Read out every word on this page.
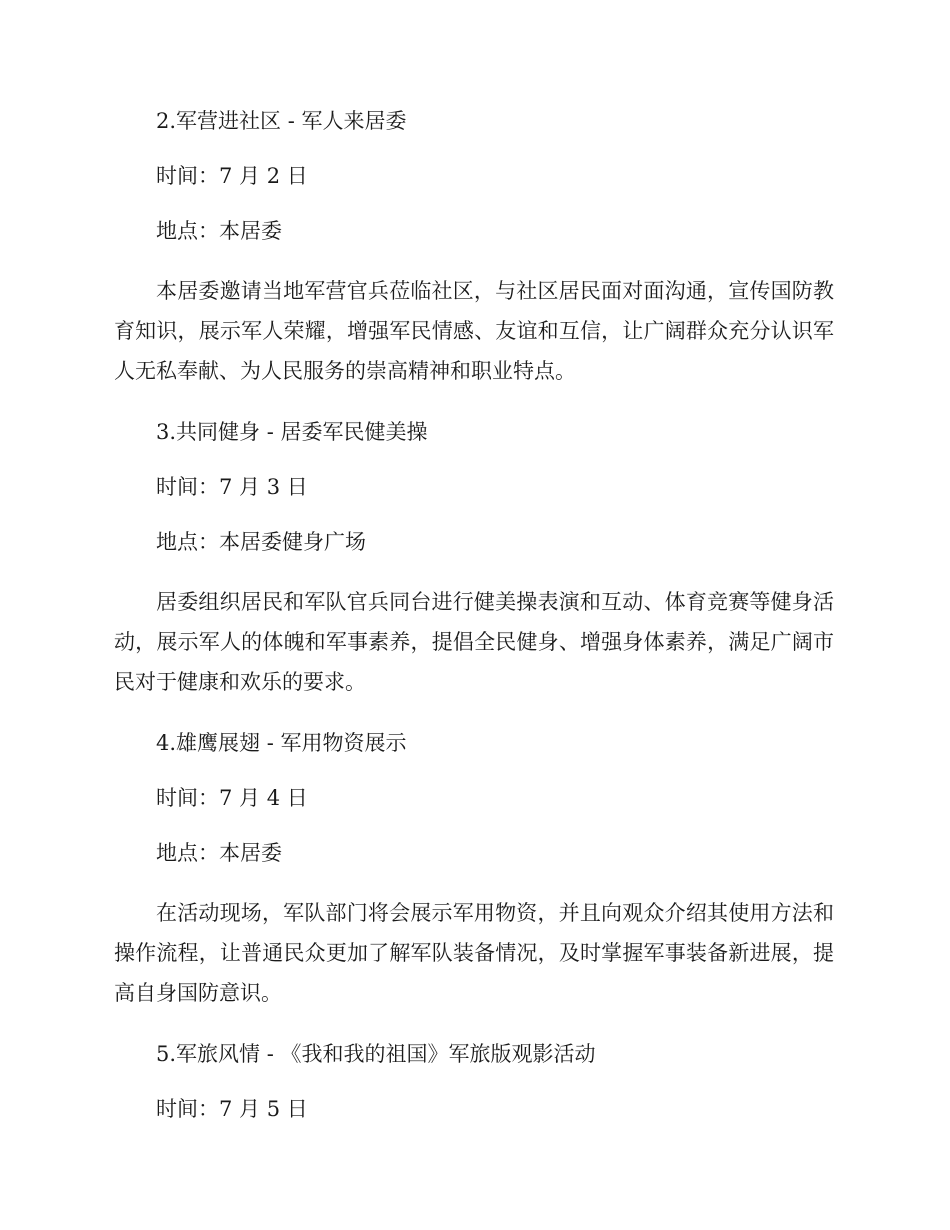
2.军营进社区 - 军人来居委
时间：7 月 2 日
地点：本居委
本居委邀请当地军营官兵莅临社区，与社区居民面对面沟通，宣传国防教育知识，展示军人荣耀，增强军民情感、友谊和互信，让广阔群众充分认识军人无私奉献、为人民服务的崇高精神和职业特点。
3.共同健身 - 居委军民健美操
时间：7 月 3 日
地点：本居委健身广场
居委组织居民和军队官兵同台进行健美操表演和互动、体育竞赛等健身活动，展示军人的体魄和军事素养，提倡全民健身、增强身体素养，满足广阔市民对于健康和欢乐的要求。
4.雄鹰展翅 - 军用物资展示
时间：7 月 4 日
地点：本居委
在活动现场，军队部门将会展示军用物资，并且向观众介绍其使用方法和操作流程，让普通民众更加了解军队装备情况，及时掌握军事装备新进展，提高自身国防意识。
5.军旅风情 - 《我和我的祖国》军旅版观影活动
时间：7 月 5 日
